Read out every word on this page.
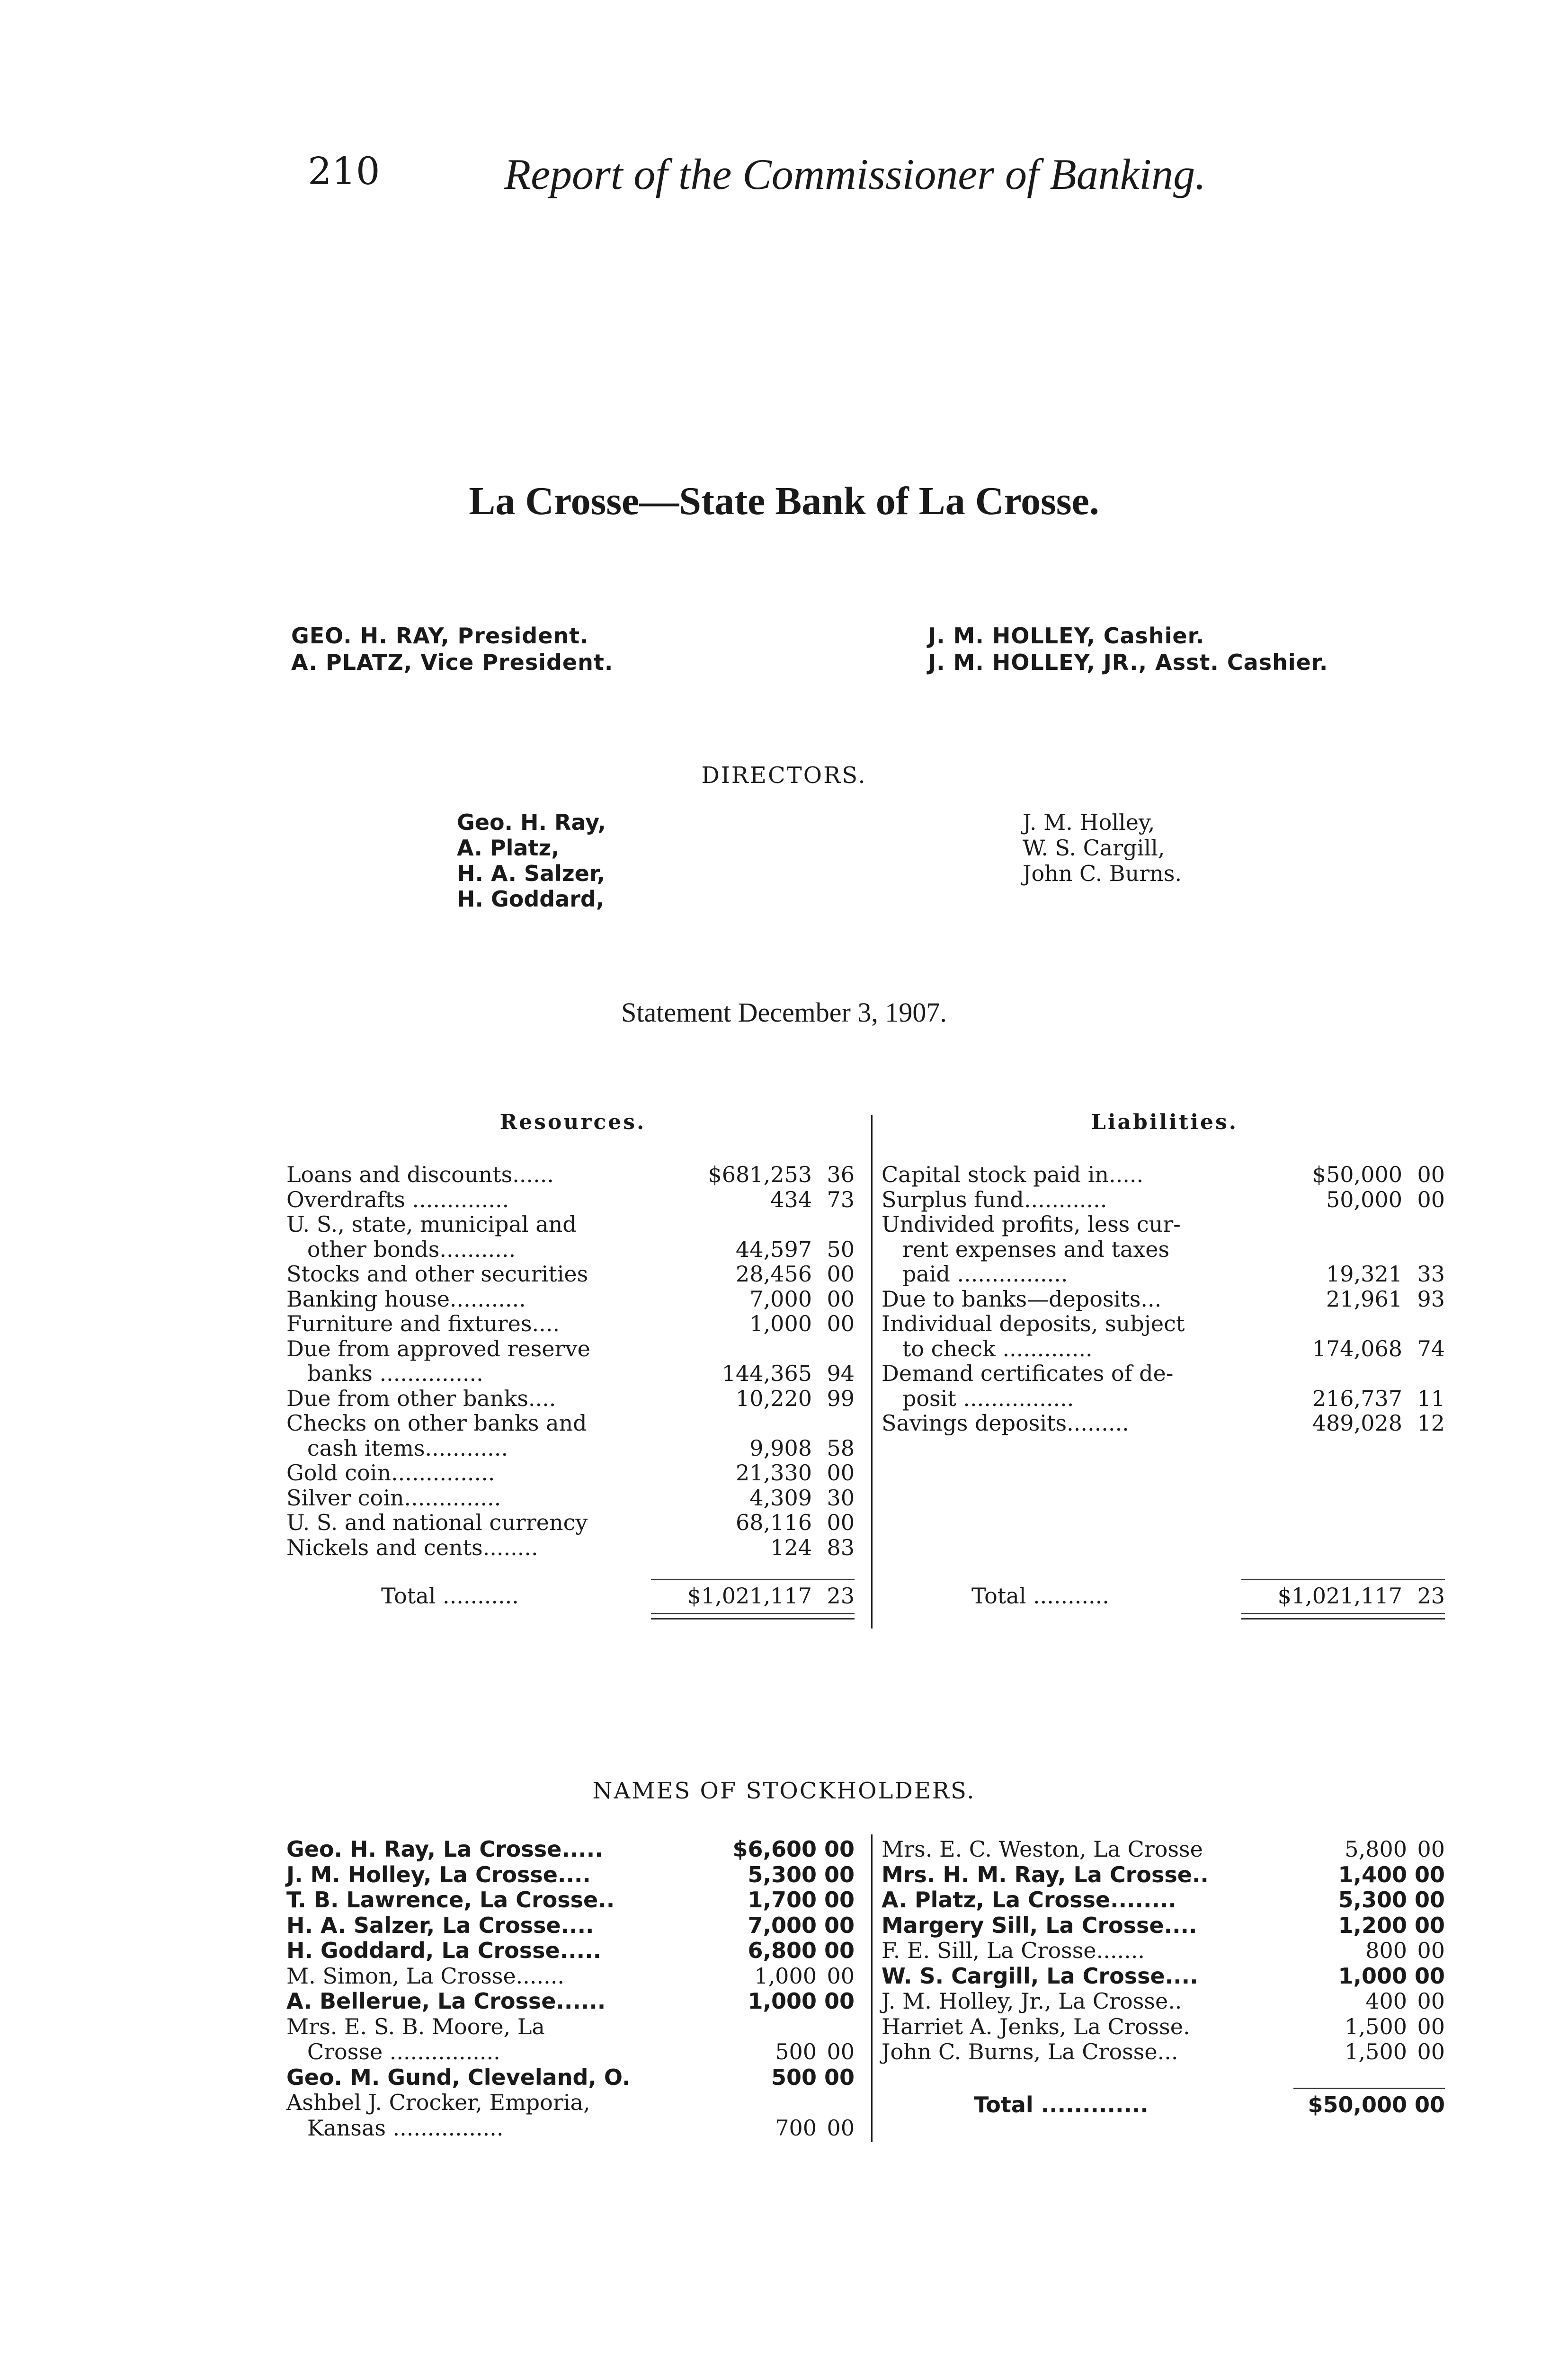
210	Report of the Commissioner of Banking.
La Crosse—State Bank of La Crosse.
GEO. H. RAY, President.
A. PLATZ, Vice President.
J. M. HOLLEY, Cashier.
J. M. HOLLEY, JR., Asst. Cashier.
DIRECTORS.
Geo. H. Ray,
A. Platz,
H. A. Salzer,
H. Goddard,
J. M. Holley,
W. S. Cargill,
John C. Burns.
Statement December 3, 1907.
Resources.	Liabilities.
Loans and discounts......	$681,253 36
Overdrafts ..............	434 73
U. S., state, municipal and
other bonds...........	44,597 50
Stocks and other securities	28,456 00
Banking house...........	7,000 00
Furniture and fixtures....	1,000 00
Due from approved reserve
banks ...............	144,365 94
Due from other banks....	10,220 99
Checks on other banks and
cash items............	9,908 58
Gold coin...............	21,330 00
Silver coin..............	4,309 30
U. S. and national currency	68,116 00
Nickels and cents........	124 83
Total ...........	$1,021,117 23
Capital stock paid in.....	$50,000 00
Surplus fund............	50,000 00
Undivided profits, less cur-
rent expenses and taxes
paid ................	19,321 33
Due to banks—deposits...	21,961 93
Individual deposits, subject
to check .............	174,068 74
Demand certificates of de-
posit ................	216,737 11
Savings deposits.........	489,028 12
Total ...........	$1,021,117 23
NAMES OF STOCKHOLDERS.
Geo. H. Ray, La Crosse.....	$6,600 00
J. M. Holley, La Crosse....	5,300 00
T. B. Lawrence, La Crosse..	1,700 00
H. A. Salzer, La Crosse....	7,000 00
H. Goddard, La Crosse.....	6,800 00
M. Simon, La Crosse.......	1,000 00
A. Bellerue, La Crosse......	1,000 00
Mrs. E. S. B. Moore, La
Crosse ................	500 00
Geo. M. Gund, Cleveland, O.	500 00
Ashbel J. Crocker, Emporia,
Kansas ................	700 00
Mrs. E. C. Weston, La Crosse	5,800 00
Mrs. H. M. Ray, La Crosse..	1,400 00
A. Platz, La Crosse........	5,300 00
Margery Sill, La Crosse....	1,200 00
F. E. Sill, La Crosse.......	800 00
W. S. Cargill, La Crosse....	1,000 00
J. M. Holley, Jr., La Crosse..	400 00
Harriet A. Jenks, La Crosse.	1,500 00
John C. Burns, La Crosse...	1,500 00
Total .............	$50,000 00
